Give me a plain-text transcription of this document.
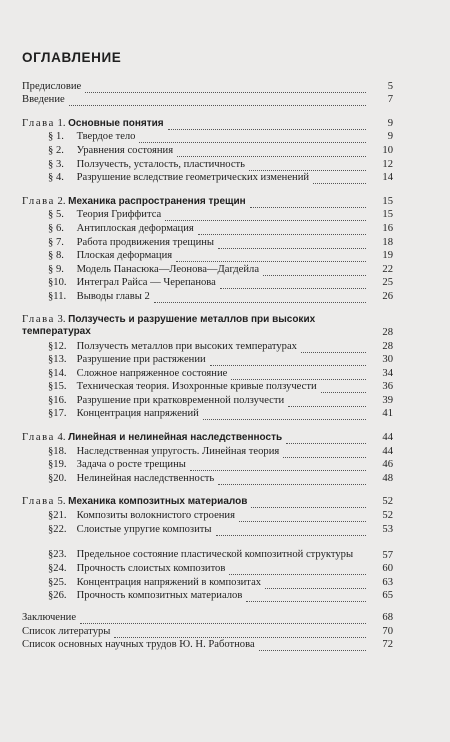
ОГЛАВЛЕНИЕ
Предисловие	5
Введение	7
Глава 1. Основные понятия	9
§ 1. Твердое тело	9
§ 2. Уравнения состояния	10
§ 3. Ползучесть, усталость, пластичность	12
§ 4. Разрушение вследствие геометрических изменений	14
Глава 2. Механика распространения трещин	15
§ 5. Теория Гриффитса	15
§ 6. Антиплоская деформация	16
§ 7. Работа продвижения трещины	18
§ 8. Плоская деформация	19
§ 9. Модель Панасюка—Леонова—Дагдейла	22
§10. Интеграл Райса — Черепанова	25
§11. Выводы главы 2	26
Глава 3. Ползучесть и разрушение металлов при высоких температурах	28
§12. Ползучесть металлов при высоких температурах	28
§13. Разрушение при растяжении	30
§14. Сложное напряженное состояние	34
§15. Техническая теория. Изохронные кривые ползучести	36
§16. Разрушение при кратковременной ползучести	39
§17. Концентрация напряжений	41
Глава 4. Линейная и нелинейная наследственность	44
§18. Наследственная упругость. Линейная теория	44
§19. Задача о росте трещины	46
§20. Нелинейная наследственность	48
Глава 5. Механика композитных материалов	52
§21. Композиты волокнистого строения	52
§22. Слоистые упругие композиты	53
§23. Предельное состояние пластической композитной структуры	57
§24. Прочность слоистых композитов	60
§25. Концентрация напряжений в композитах	63
§26. Прочность композитных материалов	65
Заключение	68
Список литературы	70
Список основных научных трудов Ю. Н. Работнова	72
